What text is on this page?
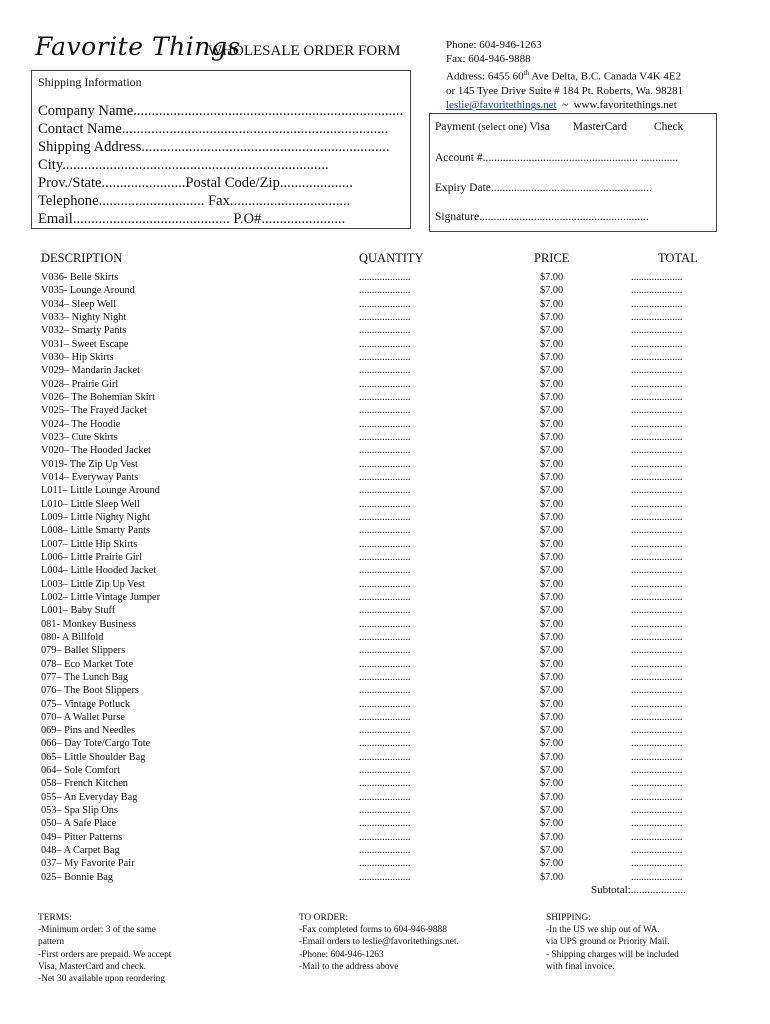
Favorite Things
WHOLESALE ORDER FORM	Phone: 604-946-1263
Fax: 604-946-9888
Address: 6455 60th Ave Delta, B.C. Canada V4K 4E2
or 145 Tyee Drive Suite # 184 Pt. Roberts, Wa. 98281
leslie@favoritethings.net ~ www.favoritethings.net
Shipping Information
Company Name..........................................................................
Contact Name.........................................................................
Shipping Address....................................................................
City.........................................................................
Prov./State.......................Postal Code/Zip....................
Telephone............................. Fax.................................
Email........................................... P.O#.......................
Payment (select one) Visa MasterCard Check
Account #...................................................... .............
Expiry Date........................................................
Signature...........................................................
DESCRIPTION	QUANTITY	PRICE	TOTAL
V036- Belle Skirts	....................	$7.00	....................
V035- Lounge Around	....................	$7.00	....................
V034– Sleep Well	....................	$7.00	....................
V033– Nighty Night	....................	$7.00	....................
V032– Smarty Pants	....................	$7.00	....................
V031– Sweet Escape	....................	$7.00	....................
V030– Hip Skirts	....................	$7.00	....................
V029– Mandarin Jacket	....................	$7.00	....................
V028– Prairie Girl	....................	$7.00	....................
V026– The Bohemian Skirt	....................	$7.00	....................
V025– The Frayed Jacket	....................	$7.00	....................
V024– The Hoodie	....................	$7.00	....................
V023– Cute Skirts	....................	$7.00	....................
V020– The Hooded Jacket	....................	$7.00	....................
V019- The Zip Up Vest	....................	$7.00	....................
V014– Everyway Pants	....................	$7.00	....................
L011– Little Lounge Around	....................	$7.00	....................
L010– Little Sleep Well	....................	$7.00	....................
L009– Little Nighty Night	....................	$7.00	....................
L008– Little Smarty Pants	....................	$7.00	....................
L007– Little Hip Skirts	....................	$7.00	....................
L006– Little Prairie Girl	....................	$7.00	....................
L004– Little Hooded Jacket	....................	$7.00	....................
L003– Little Zip Up Vest	....................	$7.00	....................
L002– Little Vintage Jumper	....................	$7.00	....................
L001– Baby Stuff	....................	$7.00	....................
081- Monkey Business	....................	$7.00	....................
080- A Billfold	....................	$7.00	....................
079– Ballet Slippers	....................	$7.00	....................
078– Eco Market Tote	....................	$7.00	....................
077– The Lunch Bag	....................	$7.00	....................
076– The Boot Slippers	....................	$7.00	....................
075– Vintage Potluck	....................	$7.00	....................
070– A Wallet Purse	....................	$7.00	....................
069– Pins and Needles	....................	$7.00	....................
066– Day Tote/Cargo Tote	....................	$7.00	....................
065– Little Shoulder Bag	....................	$7.00	....................
064– Sole Comfort	....................	$7.00	....................
058– French Kitchen	....................	$7.00	....................
055– An Everyday Bag	....................	$7.00	....................
053– Spa Slip Ons	....................	$7.00	....................
050– A Safe Place	....................	$7.00	....................
049– Pitter Patterns	....................	$7.00	....................
048– A Carpet Bag	....................	$7.00	....................
037– My Favorite Pair	....................	$7.00	....................
025– Bonnie Bag	....................	$7.00	....................
Subtotal:....................
TERMS:
-Minimum order: 3 of the same
pattern
-First orders are prepaid. We accept
Visa, MasterCard and check.
-Net 30 available upon reordering
TO ORDER:
-Fax completed forms to 604-946-9888
-Email orders to leslie@favoritethings.net.
-Phone: 604-946-1263
-Mail to the address above
SHIPPING:
-In the US we ship out of WA.
via UPS ground or Priority Mail.
- Shipping charges will be included
with final invoice.
